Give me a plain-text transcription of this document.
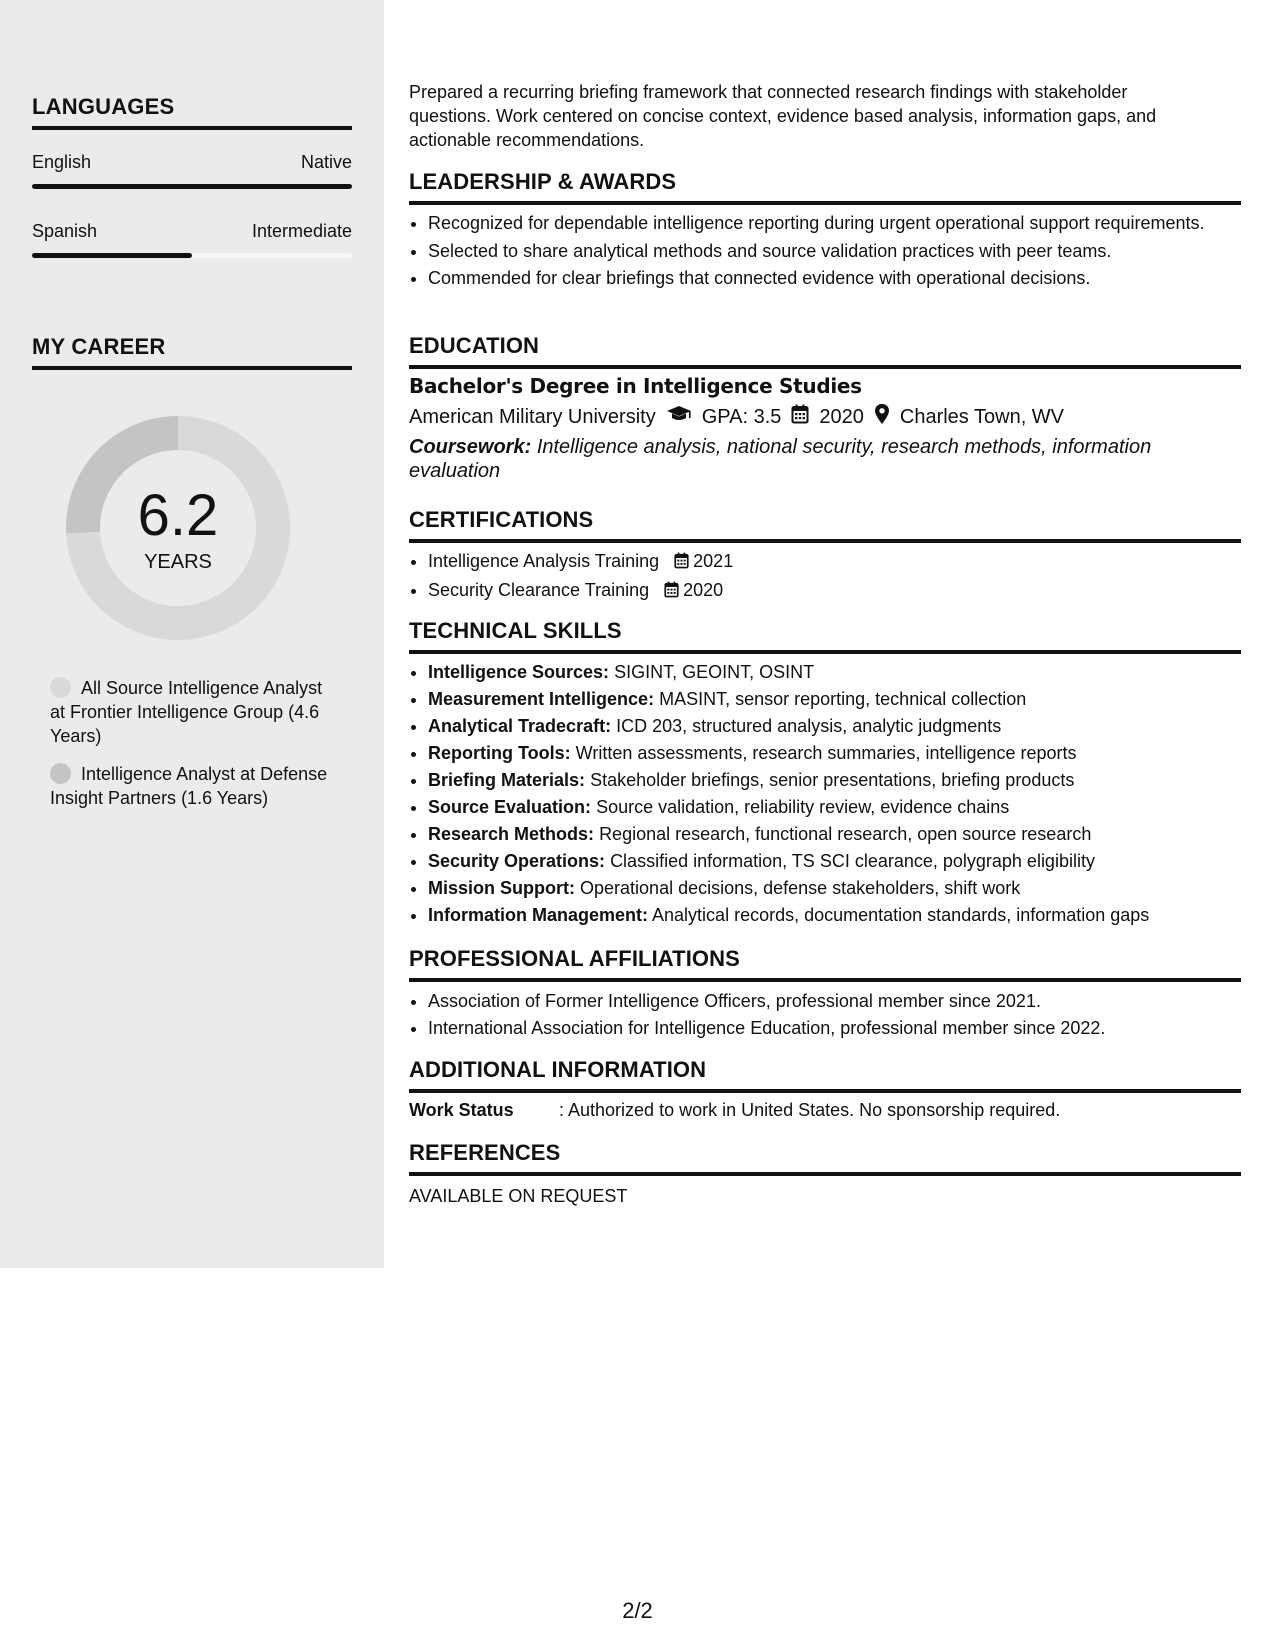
LANGUAGES
English	Native
Spanish	Intermediate
MY CAREER
6.2
YEARS
All Source Intelligence Analyst at Frontier Intelligence Group (4.6 Years)
Intelligence Analyst at Defense Insight Partners (1.6 Years)
Prepared a recurring briefing framework that connected research findings with stakeholder questions. Work centered on concise context, evidence based analysis, information gaps, and actionable recommendations.
LEADERSHIP & AWARDS
• Recognized for dependable intelligence reporting during urgent operational support requirements.
• Selected to share analytical methods and source validation practices with peer teams.
• Commended for clear briefings that connected evidence with operational decisions.
EDUCATION
Bachelor's Degree in Intelligence Studies
American Military University GPA: 3.5 2020 Charles Town, WV
Coursework: Intelligence analysis, national security, research methods, information evaluation
CERTIFICATIONS
• Intelligence Analysis Training 2021
• Security Clearance Training 2020
TECHNICAL SKILLS
• Intelligence Sources: SIGINT, GEOINT, OSINT
• Measurement Intelligence: MASINT, sensor reporting, technical collection
• Analytical Tradecraft: ICD 203, structured analysis, analytic judgments
• Reporting Tools: Written assessments, research summaries, intelligence reports
• Briefing Materials: Stakeholder briefings, senior presentations, briefing products
• Source Evaluation: Source validation, reliability review, evidence chains
• Research Methods: Regional research, functional research, open source research
• Security Operations: Classified information, TS SCI clearance, polygraph eligibility
• Mission Support: Operational decisions, defense stakeholders, shift work
• Information Management: Analytical records, documentation standards, information gaps
PROFESSIONAL AFFILIATIONS
• Association of Former Intelligence Officers, professional member since 2021.
• International Association for Intelligence Education, professional member since 2022.
ADDITIONAL INFORMATION
Work Status	: Authorized to work in United States. No sponsorship required.
REFERENCES
AVAILABLE ON REQUEST
2/2
